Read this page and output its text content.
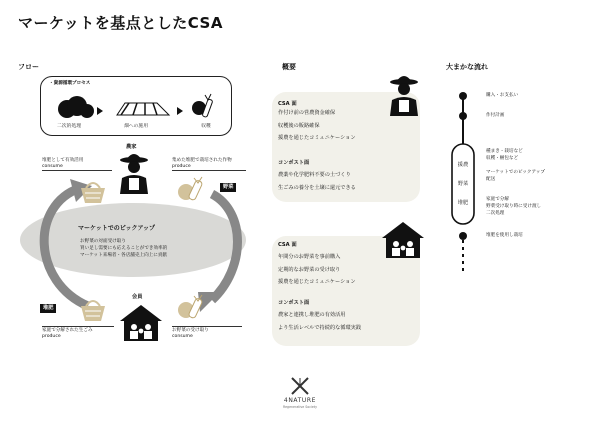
マーケットを基点としたCSA
フロー	概要	大まかな流れ
・資源循環プロセス
二次的処理	畑への施用	収穫
農家
堆肥として有効活用
consume
集めた堆肥で栽培された作物
produce
野菜
マーケットでのピックアップ
お野菜の対面受け取り
買い足し需要にも応えることができ効率的
マーケット来場者・各店舗売上向上に貢献
会員
堆肥
家庭で分解された生ごみ
produce
お野菜の受け取り
consume
CSA 面
作付け前の営農資金確保
収穫後の販路確保
援農を通じたコミュニケーション
コンポスト面
農薬や化学肥料不要の土づくり
生ごみの養分を土壌に還元できる
CSA 面
年間分のお野菜を事前購入
定期的なお野菜の受け取り
援農を通じたコミュニケーション
コンポスト面
農家と連携し堆肥の有効活用
より生活レベルで持続的な循環実践
援農
野菜
堆肥
購入・お支払い
作付計画
種まき・栽培など
収穫・梱包など
マーケットでのピックアップ
配送
家庭で分解
野菜受け取り時に受け渡し
二次処理
堆肥を使用し栽培
4NATURE
Regenerative Society
